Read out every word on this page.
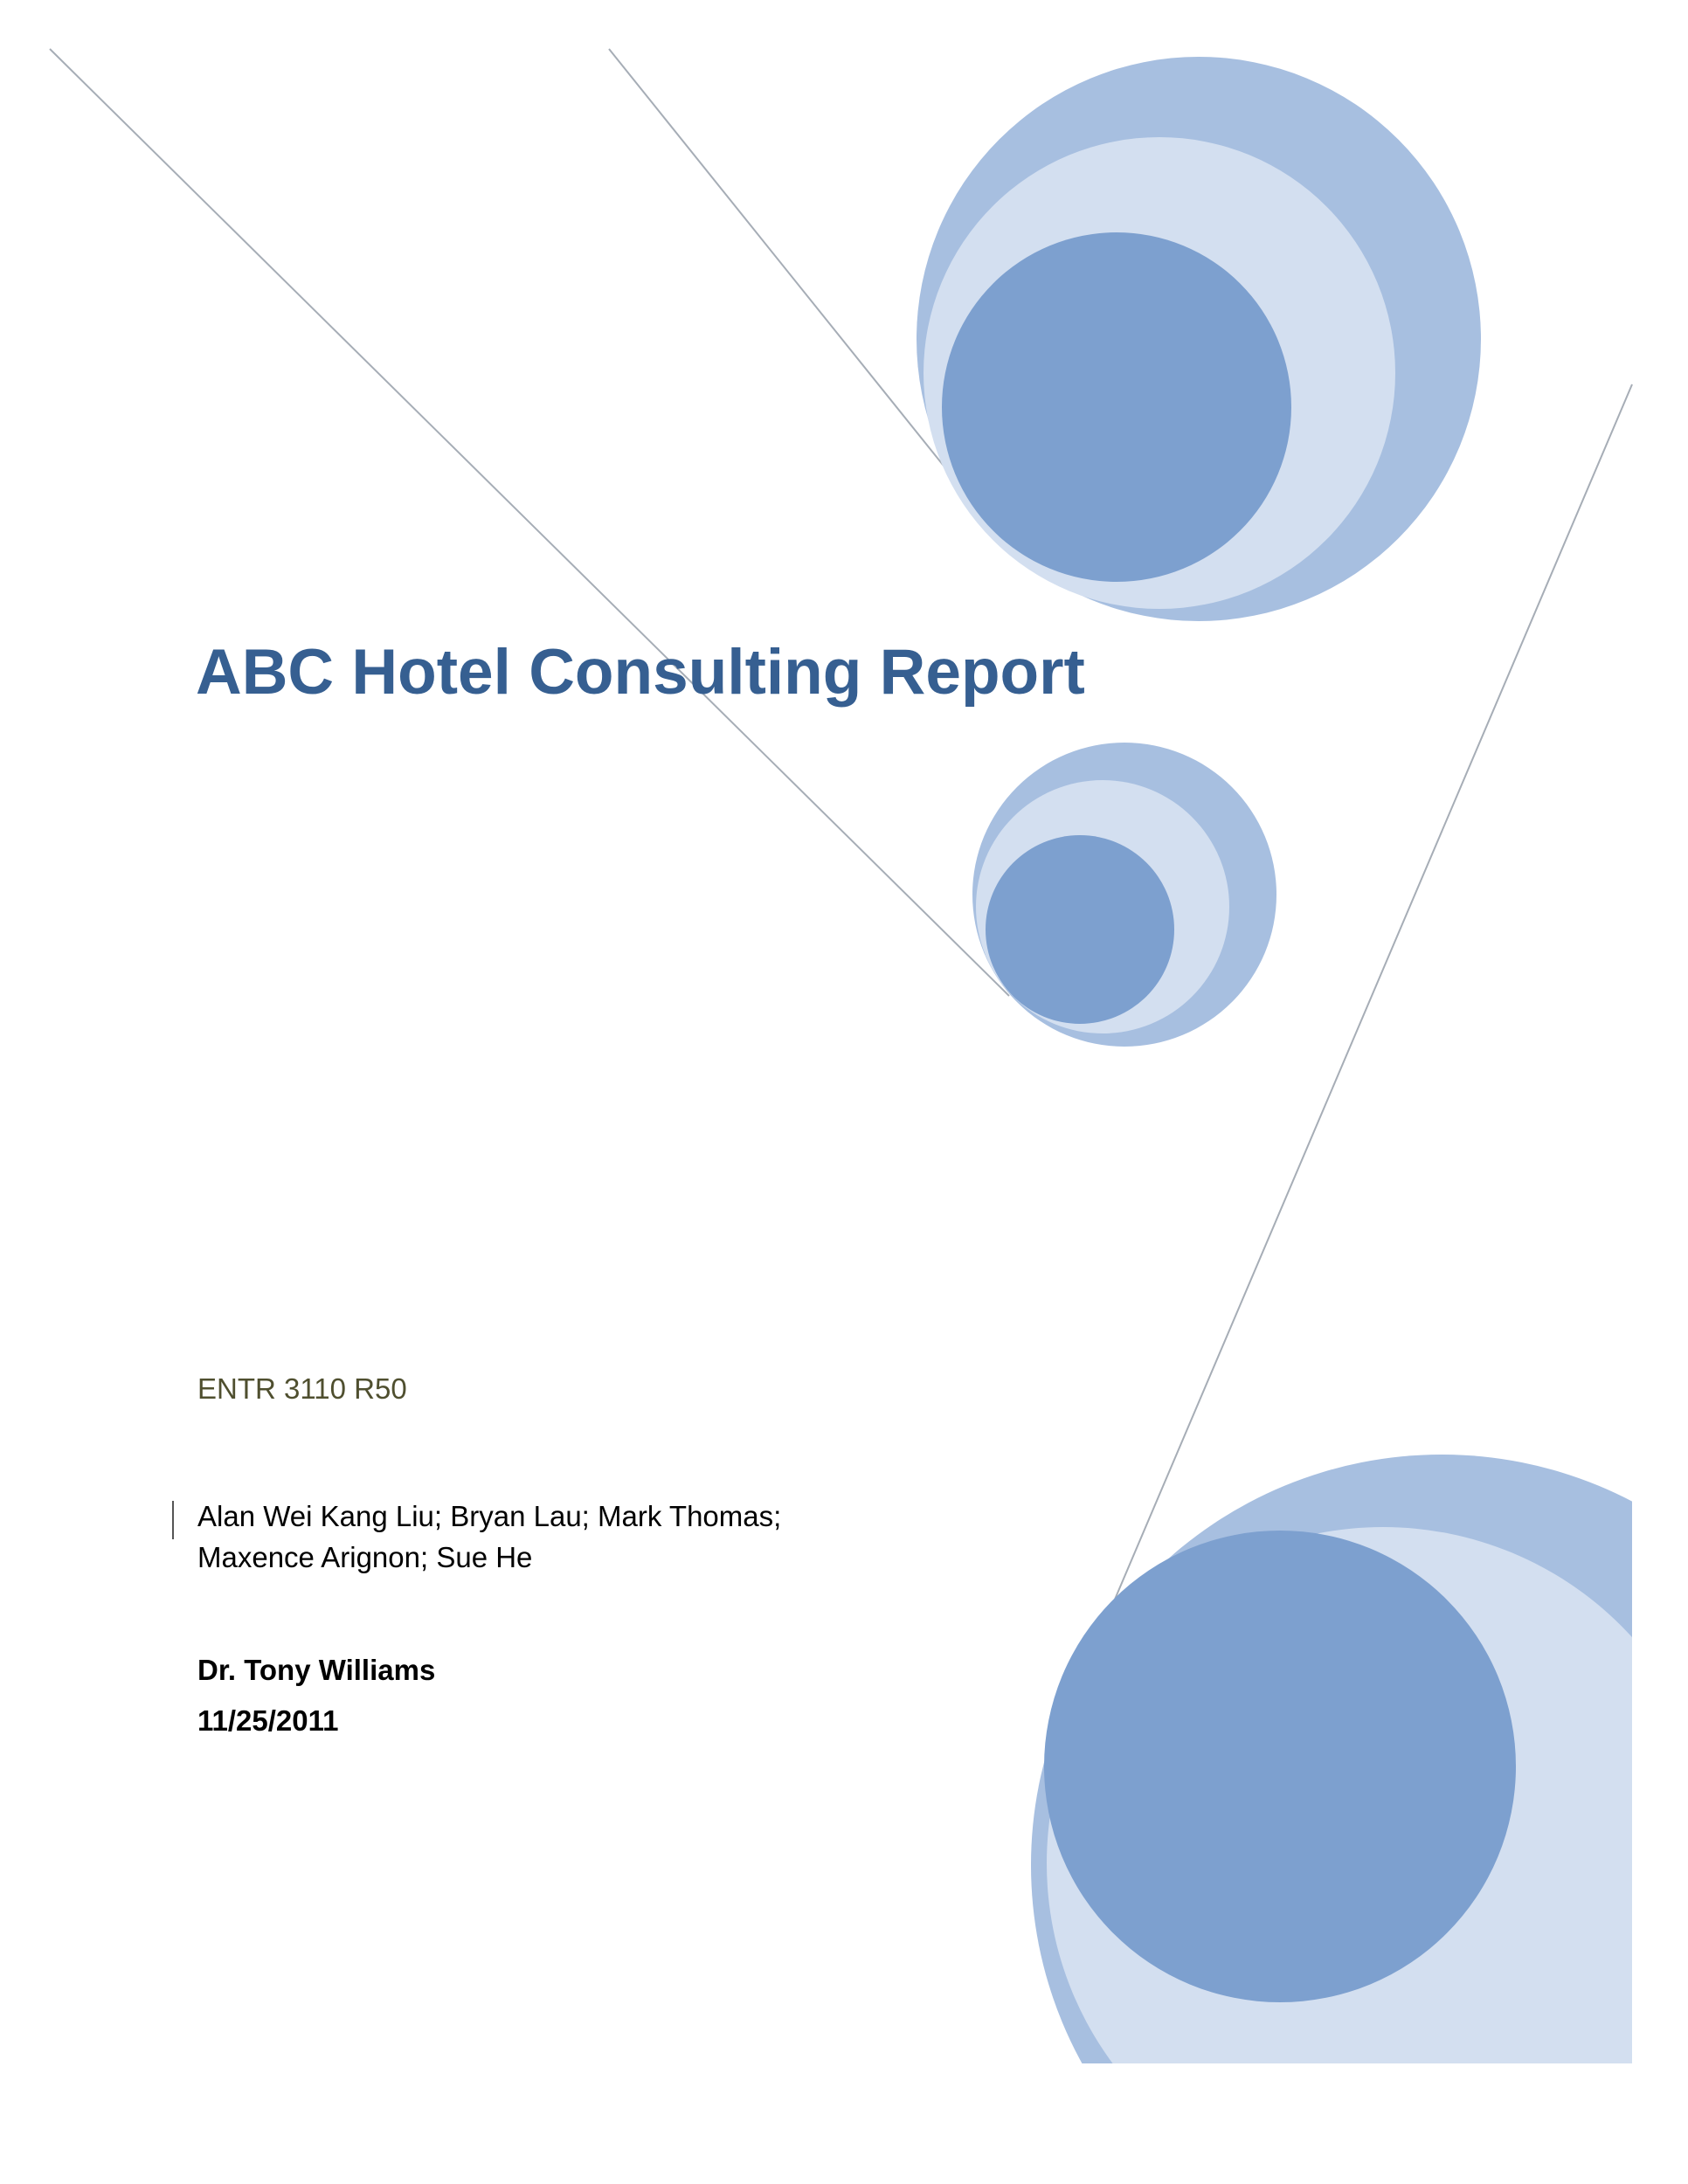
ABC Hotel Consulting Report
ENTR 3110 R50
Alan Wei Kang Liu; Bryan Lau; Mark Thomas;
Maxence Arignon; Sue He
Dr. Tony Williams
11/25/2011
